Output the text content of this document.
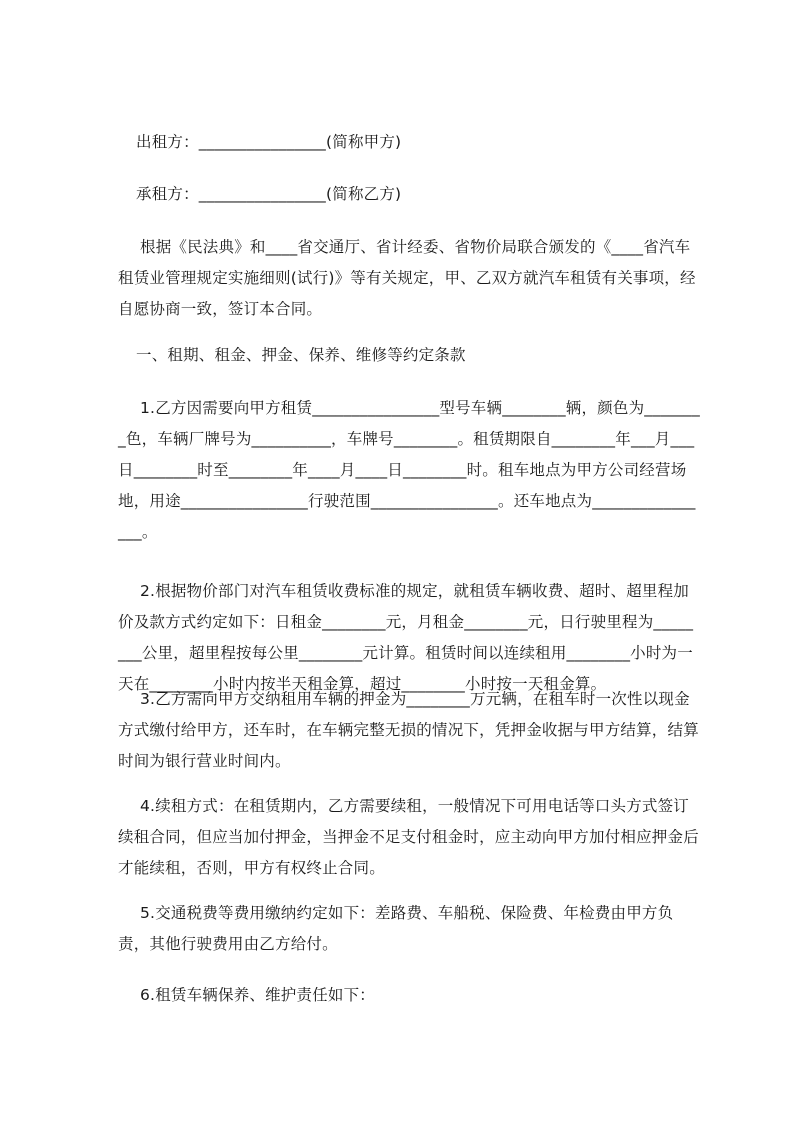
出租方：________________(简称甲方)

承租方：________________(简称乙方)

根据《民法典》和____省交通厅、省计经委、省物价局联合颁发的《____省汽车租赁业管理规定实施细则(试行)》等有关规定，甲、乙双方就汽车租赁有关事项，经自愿协商一致，签订本合同。

一、租期、租金、押金、保养、维修等约定条款

1.乙方因需要向甲方租赁________________型号车辆________辆，颜色为________色，车辆厂牌号为__________，车牌号________。租赁期限自________年___月___日________时至________年____月____日________时。租车地点为甲方公司经营场地，用途________________行驶范围________________。还车地点为________________。

2.根据物价部门对汽车租赁收费标准的规定，就租赁车辆收费、超时、超里程加价及款方式约定如下：日租金________元，月租金________元，日行驶里程为________公里，超里程按每公里________元计算。租赁时间以连续租用________小时为一天在________小时内按半天租金算，超过________小时按一天租金算。

3.乙方需向甲方交纳租用车辆的押金为________万元辆，在租车时一次性以现金方式缴付给甲方，还车时，在车辆完整无损的情况下，凭押金收据与甲方结算，结算时间为银行营业时间内。

4.续租方式：在租赁期内，乙方需要续租，一般情况下可用电话等口头方式签订续租合同，但应当加付押金，当押金不足支付租金时，应主动向甲方加付相应押金后才能续租，否则，甲方有权终止合同。

5.交通税费等费用缴纳约定如下：差路费、车船税、保险费、年检费由甲方负责，其他行驶费用由乙方给付。

6.租赁车辆保养、维护责任如下：
